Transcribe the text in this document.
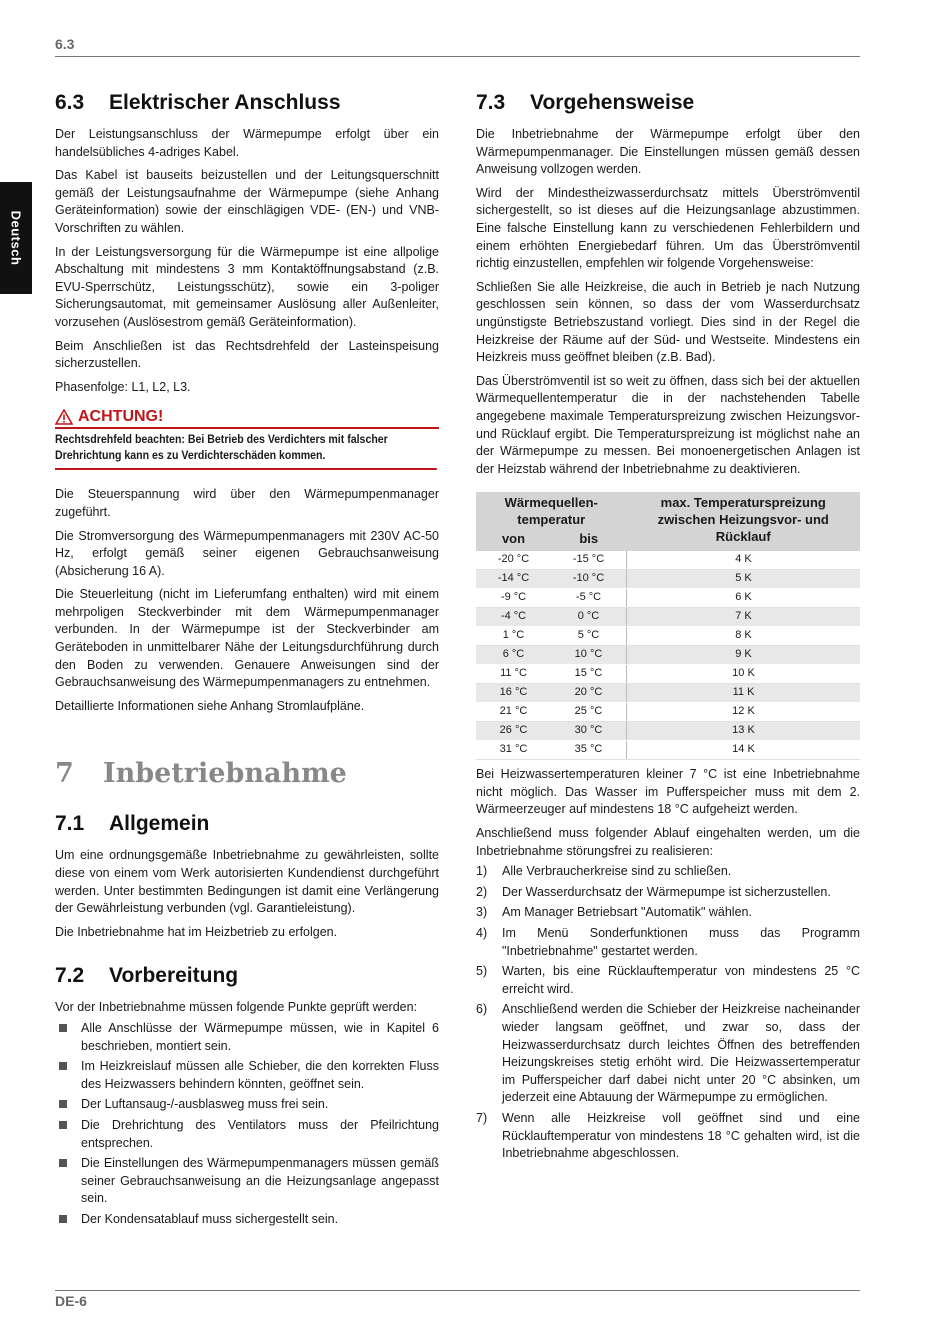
6.3
Deutsch
6.3 Elektrischer Anschluss

Der Leistungsanschluss der Wärmepumpe erfolgt über ein handelsübliches 4-adriges Kabel.

Das Kabel ist bauseits beizustellen und der Leitungsquerschnitt gemäß der Leistungsaufnahme der Wärmepumpe (siehe Anhang Geräteinformation) sowie der einschlägigen VDE- (EN-) und VNB-Vorschriften zu wählen.

In der Leistungsversorgung für die Wärmepumpe ist eine allpolige Abschaltung mit mindestens 3 mm Kontaktöffnungsabstand (z.B. EVU-Sperrschütz, Leistungsschütz), sowie ein 3-poliger Sicherungsautomat, mit gemeinsamer Auslösung aller Außenleiter, vorzusehen (Auslösestrom gemäß Geräteinformation).

Beim Anschließen ist das Rechtsdrehfeld der Lasteinspeisung sicherzustellen.

Phasenfolge: L1, L2, L3.

ACHTUNG!
Rechtsdrehfeld beachten: Bei Betrieb des Verdichters mit falscher Drehrichtung kann es zu Verdichterschäden kommen.

Die Steuerspannung wird über den Wärmepumpenmanager zugeführt.

Die Stromversorgung des Wärmepumpenmanagers mit 230V AC-50 Hz, erfolgt gemäß seiner eigenen Gebrauchsanweisung (Absicherung 16 A).

Die Steuerleitung (nicht im Lieferumfang enthalten) wird mit einem mehrpoligen Steckverbinder mit dem Wärmepumpenmanager verbunden. In der Wärmepumpe ist der Steckverbinder am Geräteboden in unmittelbarer Nähe der Leitungsdurchführung durch den Boden zu verwenden. Genauere Anweisungen sind der Gebrauchsanweisung des Wärmepumpenmanagers zu entnehmen.

Detaillierte Informationen siehe Anhang Stromlaufpläne.

7 Inbetriebnahme
7.1 Allgemein

Um eine ordnungsgemäße Inbetriebnahme zu gewährleisten, sollte diese von einem vom Werk autorisierten Kundendienst durchgeführt werden. Unter bestimmten Bedingungen ist damit eine Verlängerung der Gewährleistung verbunden (vgl. Garantieleistung).

Die Inbetriebnahme hat im Heizbetrieb zu erfolgen.

7.2 Vorbereitung

Vor der Inbetriebnahme müssen folgende Punkte geprüft werden:

Alle Anschlüsse der Wärmepumpe müssen, wie in Kapitel 6 beschrieben, montiert sein.
Im Heizkreislauf müssen alle Schieber, die den korrekten Fluss des Heizwassers behindern könnten, geöffnet sein.
Der Luftansaug-/-ausblasweg muss frei sein.
Die Drehrichtung des Ventilators muss der Pfeilrichtung entsprechen.
Die Einstellungen des Wärmepumpenmanagers müssen gemäß seiner Gebrauchsanweisung an die Heizungsanlage angepasst sein.
Der Kondensatablauf muss sichergestellt sein.
7.3 Vorgehensweise

Die Inbetriebnahme der Wärmepumpe erfolgt über den Wärmepumpenmanager. Die Einstellungen müssen gemäß dessen Anweisung vollzogen werden.

Wird der Mindestheizwasserdurchsatz mittels Überströmventil sichergestellt, so ist dieses auf die Heizungsanlage abzustimmen. Eine falsche Einstellung kann zu verschiedenen Fehlerbildern und einem erhöhten Energiebedarf führen. Um das Überströmventil richtig einzustellen, empfehlen wir folgende Vorgehensweise:

Schließen Sie alle Heizkreise, die auch in Betrieb je nach Nutzung geschlossen sein können, so dass der vom Wasserdurchsatz ungünstigste Betriebszustand vorliegt. Dies sind in der Regel die Heizkreise der Räume auf der Süd- und Westseite. Mindestens ein Heizkreis muss geöffnet bleiben (z.B. Bad).

Das Überströmventil ist so weit zu öffnen, dass sich bei der aktuellen Wärmequellentemperatur die in der nachstehenden Tabelle angegebene maximale Temperaturspreizung zwischen Heizungsvor- und Rücklauf ergibt. Die Temperaturspreizung ist möglichst nahe an der Wärmepumpe zu messen. Bei monoenergetischen Anlagen ist der Heizstab während der Inbetriebnahme zu deaktivieren.

Wärmequellen-temperatur		max. Temperaturspreizung zwischen Heizungsvor- und Rücklauf
von	bis	
-20 °C	-15 °C	4 K
-14 °C	-10 °C	5 K
-9 °C	-5 °C	6 K
-4 °C	0 °C	7 K
1 °C	5 °C	8 K
6 °C	10 °C	9 K
11 °C	15 °C	10 K
16 °C	20 °C	11 K
21 °C	25 °C	12 K
26 °C	30 °C	13 K
31 °C	35 °C	14 K

Bei Heizwassertemperaturen kleiner 7 °C ist eine Inbetriebnahme nicht möglich. Das Wasser im Pufferspeicher muss mit dem 2. Wärmeerzeuger auf mindestens 18 °C aufgeheizt werden.

Anschließend muss folgender Ablauf eingehalten werden, um die Inbetriebnahme störungsfrei zu realisieren:

1) Alle Verbraucherkreise sind zu schließen.
2) Der Wasserdurchsatz der Wärmepumpe ist sicherzustellen.
3) Am Manager Betriebsart "Automatik" wählen.
4) Im Menü Sonderfunktionen muss das Programm "Inbetriebnahme" gestartet werden.
5) Warten, bis eine Rücklauftemperatur von mindestens 25 °C erreicht wird.
6) Anschließend werden die Schieber der Heizkreise nacheinander wieder langsam geöffnet, und zwar so, dass der Heizwasserdurchsatz durch leichtes Öffnen des betreffenden Heizungskreises stetig erhöht wird. Die Heizwassertemperatur im Pufferspeicher darf dabei nicht unter 20 °C absinken, um jederzeit eine Abtauung der Wärmepumpe zu ermöglichen.
7) Wenn alle Heizkreise voll geöffnet sind und eine Rücklauftemperatur von mindestens 18 °C gehalten wird, ist die Inbetriebnahme abgeschlossen.
DE-6
